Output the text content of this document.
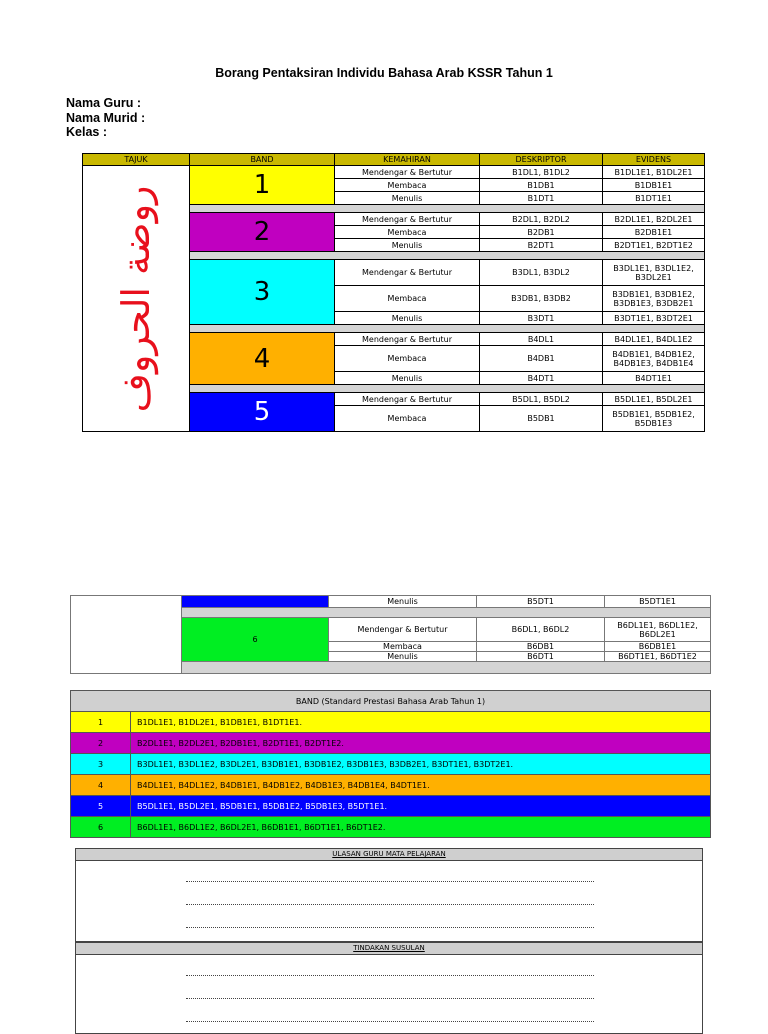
Borang Pentaksiran Individu Bahasa Arab KSSR Tahun 1
Nama Guru :
Nama Murid :
Kelas :
TAJUK	BAND	KEMAHIRAN	DESKRIPTOR	EVIDENS

روضة الحروف	1	Mendengar & Bertutur	B1DL1, B1DL2	B1DL1E1, B1DL2E1
		Membaca	B1DB1	B1DB1E1
		Menulis	B1DT1	B1DT1E1

	2	Mendengar & Bertutur	B2DL1, B2DL2	B2DL1E1, B2DL2E1
		Membaca	B2DB1	B2DB1E1
		Menulis	B2DT1	B2DT1E1, B2DT1E2

	3	Mendengar & Bertutur	B3DL1, B3DL2	B3DL1E1, B3DL1E2, B3DL2E1
		Membaca	B3DB1, B3DB2	B3DB1E1, B3DB1E2, B3DB1E3, B3DB2E1
		Menulis	B3DT1	B3DT1E1, B3DT2E1

	4	Mendengar & Bertutur	B4DL1	B4DL1E1, B4DL1E2
		Membaca	B4DB1	B4DB1E1, B4DB1E2, B4DB1E3, B4DB1E4
		Menulis	B4DT1	B4DT1E1

	5	Mendengar & Bertutur	B5DL1, B5DL2	B5DL1E1, B5DL2E1
		Membaca	B5DB1	B5DB1E1, B5DB1E2, B5DB1E3
		Menulis	B5DT1	B5DT1E1

	6	Mendengar & Bertutur	B6DL1, B6DL2	B6DL1E1, B6DL1E2, B6DL2E1
		Membaca	B6DB1	B6DB1E1
		Menulis	B6DT1	B6DT1E1, B6DT1E2

BAND (Standard Prestasi Bahasa Arab Tahun 1)	
1	B1DL1E1, B1DL2E1, B1DB1E1, B1DT1E1.
2	B2DL1E1, B2DL2E1, B2DB1E1, B2DT1E1, B2DT1E2.
3	B3DL1E1, B3DL1E2, B3DL2E1, B3DB1E1, B3DB1E2, B3DB1E3, B3DB2E1, B3DT1E1, B3DT2E1.
4	B4DL1E1, B4DL1E2, B4DB1E1, B4DB1E2, B4DB1E3, B4DB1E4, B4DT1E1.
5	B5DL1E1, B5DL2E1, B5DB1E1, B5DB1E2, B5DB1E3, B5DT1E1.
6	B6DL1E1, B6DL1E2, B6DL2E1, B6DB1E1, B6DT1E1, B6DT1E2.
ULASAN GURU MATA PELAJARAN
TINDAKAN SUSULAN
